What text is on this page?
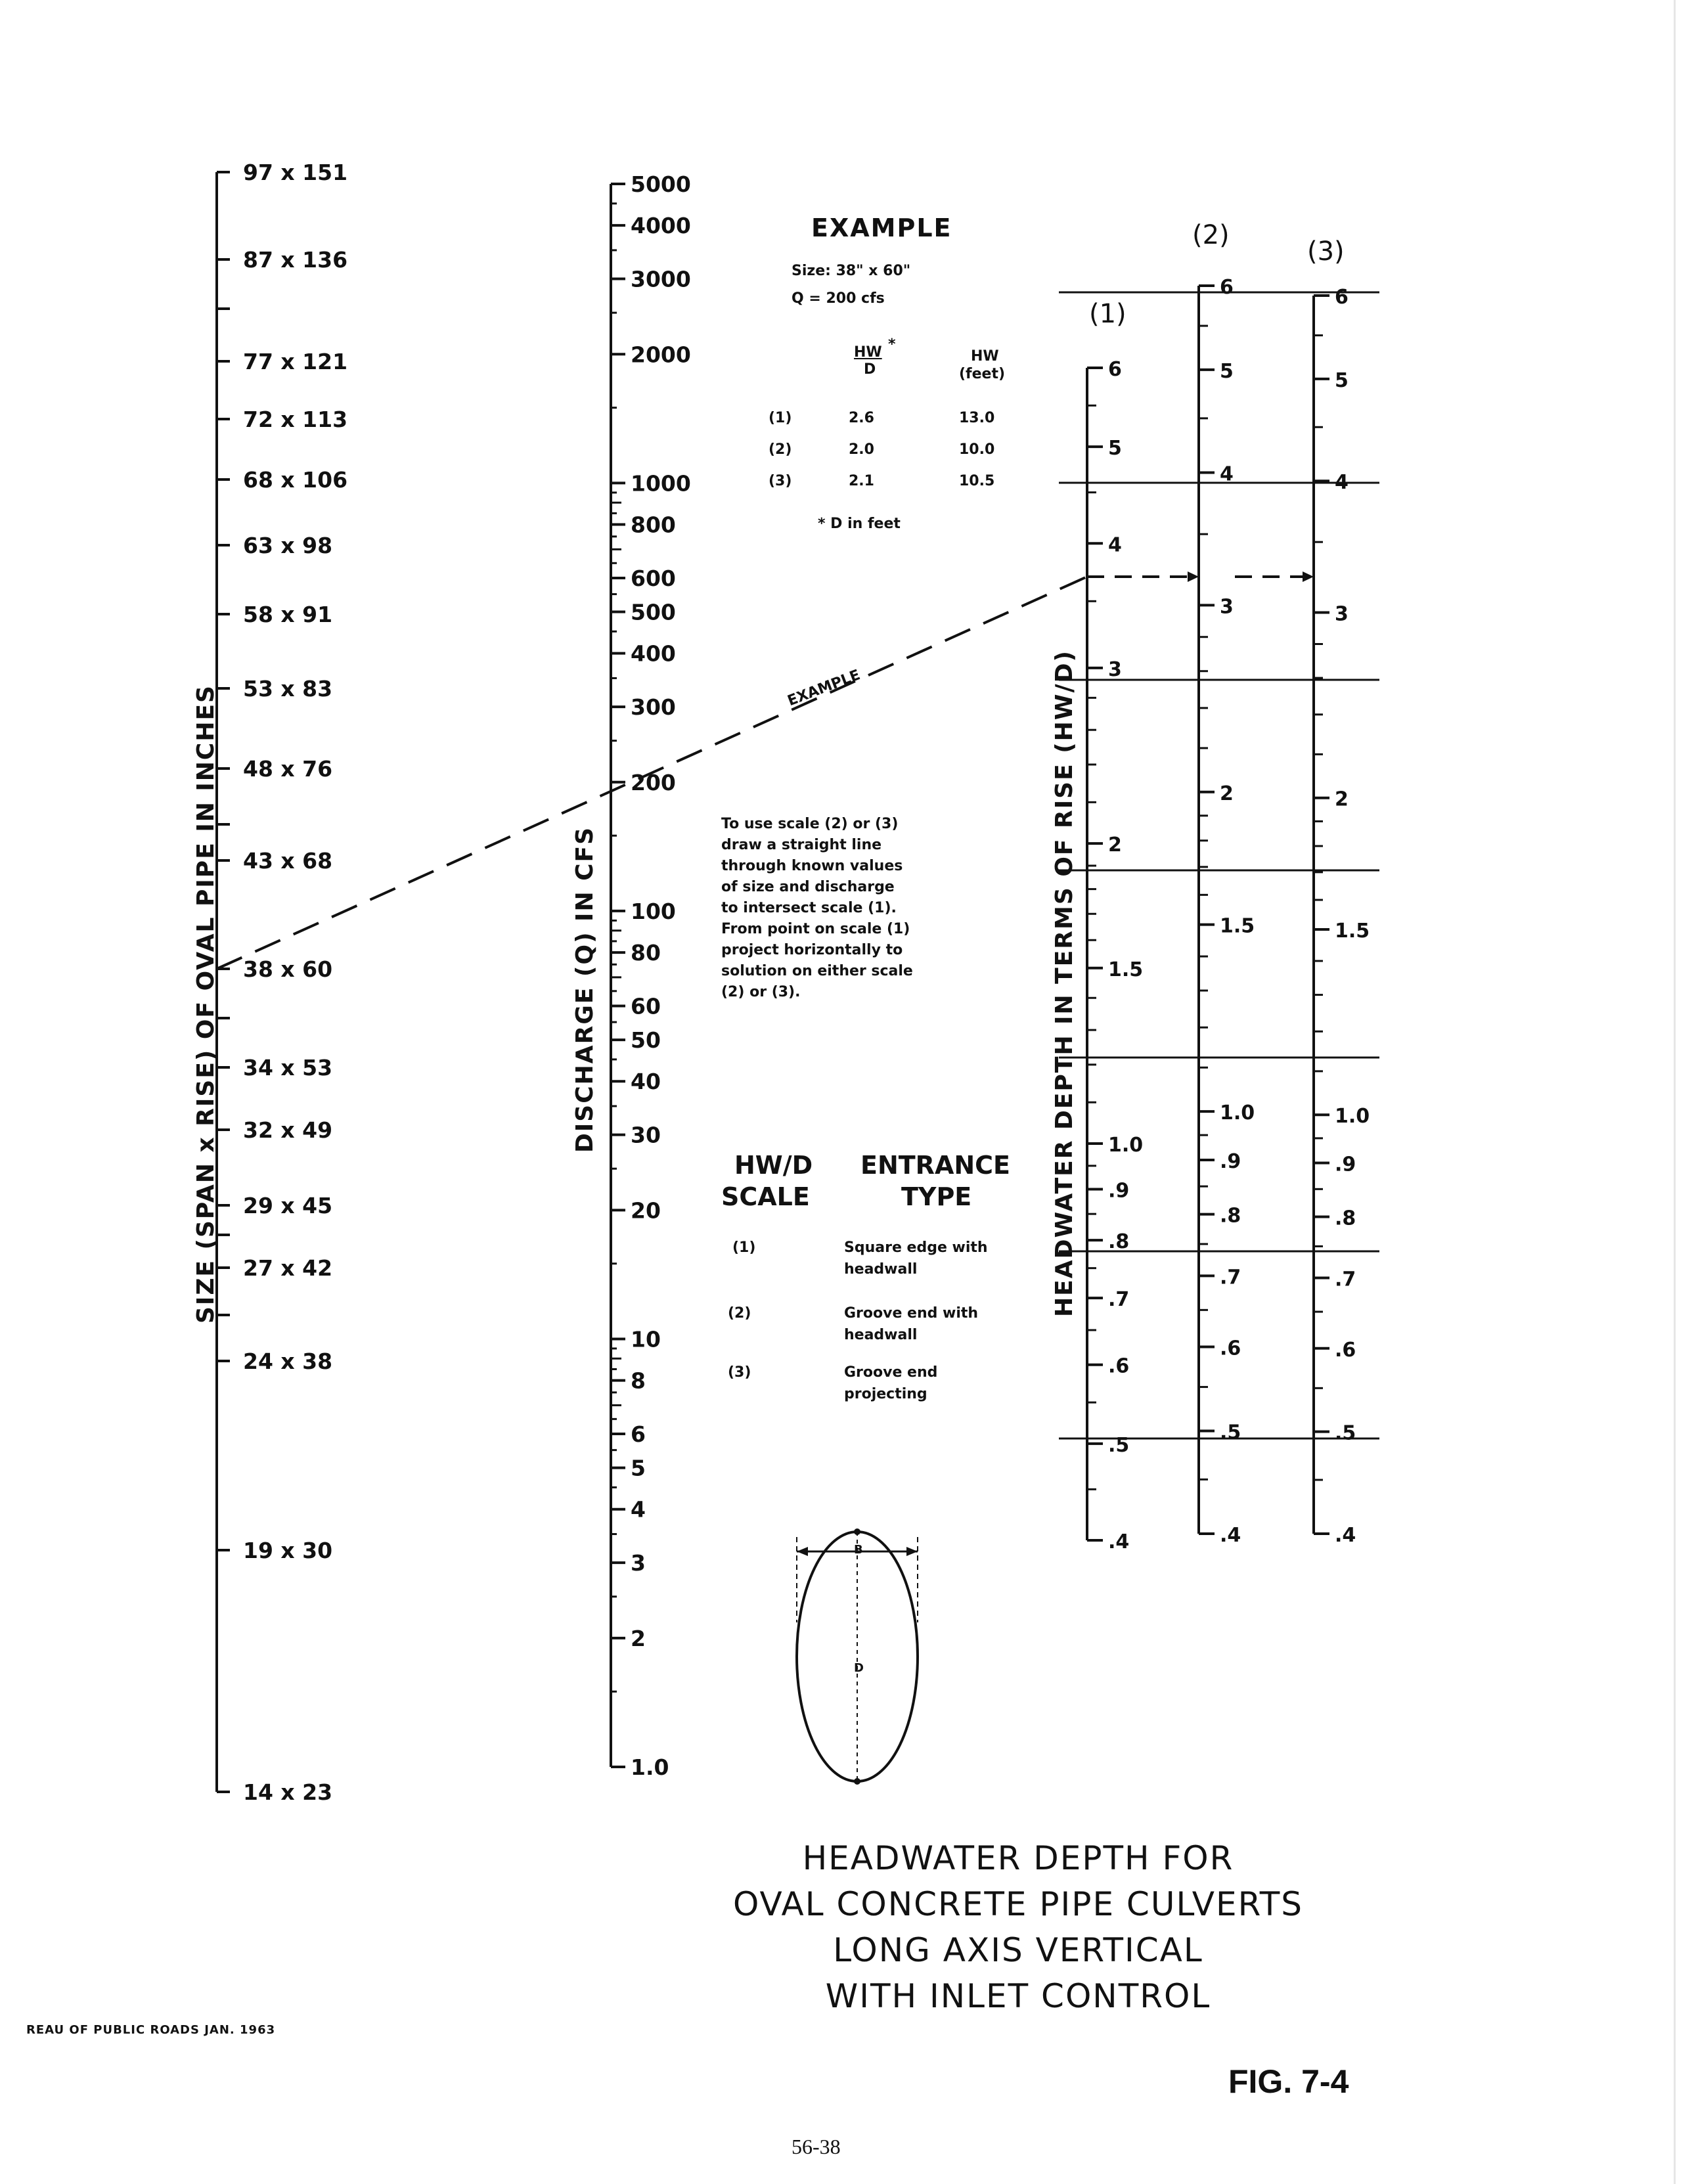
97 x 151
87 x 136
77 x 121
72 x 113
68 x 106
63 x 98
58 x 91
53 x 83
48 x 76
43 x 68
38 x 60
34 x 53
32 x 49
29 x 45
27 x 42
24 x 38
19 x 30
14 x 23
5000
4000
3000
2000
1000
800
600
500
400
300
200
100
80
60
50
40
30
20
10
8
6
5
4
3
2
1.0
6
5
4
3
2
1.5
1.0
.9
.8
.7
.6
.5
.4
6
5
4
3
2
1.5
1.0
.9
.8
.7
.6
.5
.4
6
5
4
3
2
1.5
1.0
.9
.8
.7
.6
.5
.4
SIZE (SPAN x RISE) OF OVAL PIPE IN INCHES	DISCHARGE (Q) IN CFS	HEADWATER DEPTH IN TERMS OF RISE (HW/D)
(1)
(2)
(3)
EXAMPLE
Size: 38" x 60"
Q = 200 cfs
HW *
D
HW
(feet)
(1)	2.6	13.0
(2)	2.0	10.0
(3)	2.1	10.5
* D in feet
EXAMPLE
To use scale (2) or (3)
draw a straight line
through known values
of size and discharge
to intersect scale (1).
From point on scale (1)
project horizontally to
solution on either scale
(2) or (3).
HW/D
SCALE
ENTRANCE
TYPE
(1)	Square edge with
headwall
(2)	Groove end with
headwall
(3)	Groove end
projecting
B
D
HEADWATER DEPTH FOR
OVAL CONCRETE PIPE CULVERTS
LONG AXIS VERTICAL
WITH INLET CONTROL
REAU OF PUBLIC ROADS JAN. 1963
FIG. 7-4
56-38
